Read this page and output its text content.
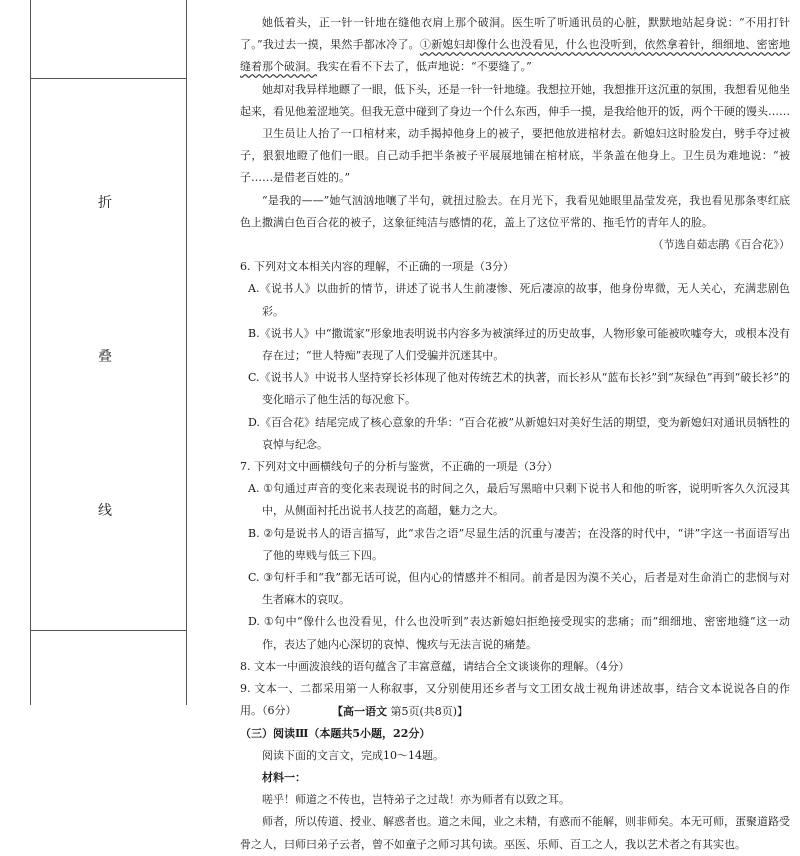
折
叠
线

她低着头，正一针一针地在缝他衣肩上那个破洞。医生听了听通讯员的心脏，默默地站起身说：“不用打针了。”我过去一摸，果然手都冰冷了。①新媳妇却像什么也没看见，什么也没听到，依然拿着针，细细地、密密地缝着那个破洞。我实在看不下去了，低声地说：“不要缝了。”

她却对我异样地瞟了一眼，低下头，还是一针一针地缝。我想拉开她，我想推开这沉重的氛围，我想看见他坐起来，看见他羞涩地笑。但我无意中碰到了身边一个什么东西，伸手一摸，是我给他开的饭，两个干硬的馒头……

卫生员让人抬了一口棺材来，动手揭掉他身上的被子，要把他放进棺材去。新媳妇这时脸发白，劈手夺过被子，狠狠地瞪了他们一眼。自己动手把半条被子平展展地铺在棺材底，半条盖在他身上。卫生员为难地说：“被子……是借老百姓的。”

“是我的——”她气汹汹地嚷了半句，就扭过脸去。在月光下，我看见她眼里晶莹发亮，我也看见那条枣红底色上撒满白色百合花的被子，这象征纯洁与感情的花，盖上了这位平常的、拖毛竹的青年人的脸。

（节选自茹志鹃《百合花》）

6. 下列对文本相关内容的理解，不正确的一项是（3分）

A.《说书人》以曲折的情节，讲述了说书人生前凄惨、死后凄凉的故事，他身份卑微，无人关心，充满悲剧色彩。

B.《说书人》中“撒谎家”形象地表明说书内容多为被演绎过的历史故事，人物形象可能被吹嘘夸大，或根本没有存在过；“世人特痴”表现了人们受骗并沉迷其中。

C.《说书人》中说书人坚持穿长衫体现了他对传统艺术的执著，而长衫从“蓝布长衫”到“灰绿色”再到“破长衫”的变化暗示了他生活的每况愈下。

D.《百合花》结尾完成了核心意象的升华：“百合花被”从新媳妇对美好生活的期望，变为新媳妇对通讯员牺牲的哀悼与纪念。

7. 下列对文中画横线句子的分析与鉴赏，不正确的一项是（3分）

A. ①句通过声音的变化来表现说书的时间之久，最后写黑暗中只剩下说书人和他的听客，说明听客久久沉浸其中，从侧面衬托出说书人技艺的高超，魅力之大。

B. ②句是说书人的语言描写，此“求告之语”尽显生活的沉重与凄苦；在没落的时代中，“讲”字这一书面语写出了他的卑贱与低三下四。

C. ③句杆手和“我”都无话可说，但内心的情感并不相同。前者是因为漠不关心，后者是对生命消亡的悲悯与对生者麻木的哀叹。

D. ①句中“像什么也没看见，什么也没听到”表达新媳妇拒绝接受现实的悲痛；而“细细地、密密地缝”这一动作，表达了她内心深切的哀悼、愧疚与无法言说的痛楚。

8. 文本一中画波浪线的语句蕴含了丰富意蕴，请结合全文谈谈你的理解。（4分）

9. 文本一、二都采用第一人称叙事，又分别使用还乡者与文工团女战士视角讲述故事，结合文本说说各自的作用。（6分）

（三）阅读Ⅲ（本题共5小题，22分）

阅读下面的文言文，完成10～14题。

材料一：

嗟乎！师道之不传也，岂特弟子之过哉！亦为师者有以致之耳。

师者，所以传道、授业、解惑者也。道之未闻，业之未精，有惑而不能解，则非师矣。本无可师，蛋聚道路受骨之人，曰师曰弟子云者，曾不如童子之师习其句读。巫医、乐师、百工之人，我以艺术者之有其实也。

【高一语文 第5页(共8页)】
